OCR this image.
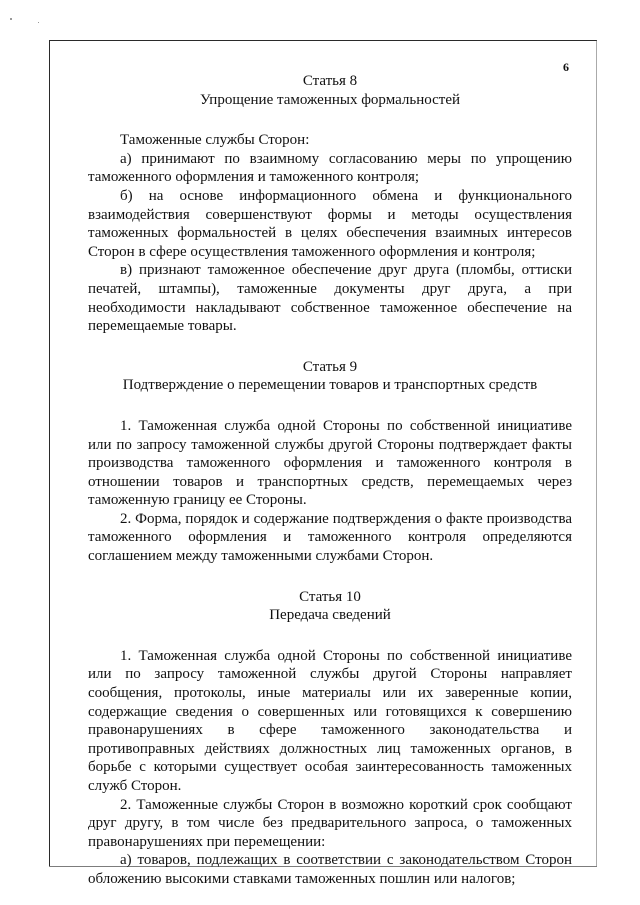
6
Статья 8
Упрощение таможенных формальностей

Таможенные службы Сторон:

а) принимают по взаимному согласованию меры по упрощению таможенного оформления и таможенного контроля;

б) на основе информационного обмена и функционального взаимодействия совершенствуют формы и методы осуществления таможенных формальностей в целях обеспечения взаимных интересов Сторон в сфере осуществления таможенного оформления и контроля;

в) признают таможенное обеспечение друг друга (пломбы, оттиски печатей, штампы), таможенные документы друг друга, а при необходимости накладывают собственное таможенное обеспечение на перемещаемые товары.

Статья 9
Подтверждение о перемещении товаров и транспортных средств

1. Таможенная служба одной Стороны по собственной инициативе или по запросу таможенной службы другой Стороны подтверждает факты производства таможенного оформления и таможенного контроля в отношении товаров и транспортных средств, перемещаемых через таможенную границу ее Стороны.

2. Форма, порядок и содержание подтверждения о факте производства таможенного оформления и таможенного контроля определяются соглашением между таможенными службами Сторон.

Статья 10
Передача сведений

1. Таможенная служба одной Стороны по собственной инициативе или по запросу таможенной службы другой Стороны направляет сообщения, протоколы, иные материалы или их заверенные копии, содержащие сведения о совершенных или готовящихся к совершению правонарушениях в сфере таможенного законодательства и противоправных действиях должностных лиц таможенных органов, в борьбе с которыми существует особая заинтересованность таможенных служб Сторон.

2. Таможенные службы Сторон в возможно короткий срок сообщают друг другу, в том числе без предварительного запроса, о таможенных правонарушениях при перемещении:

а) товаров, подлежащих в соответствии с законодательством Сторон обложению высокими ставками таможенных пошлин или налогов;
